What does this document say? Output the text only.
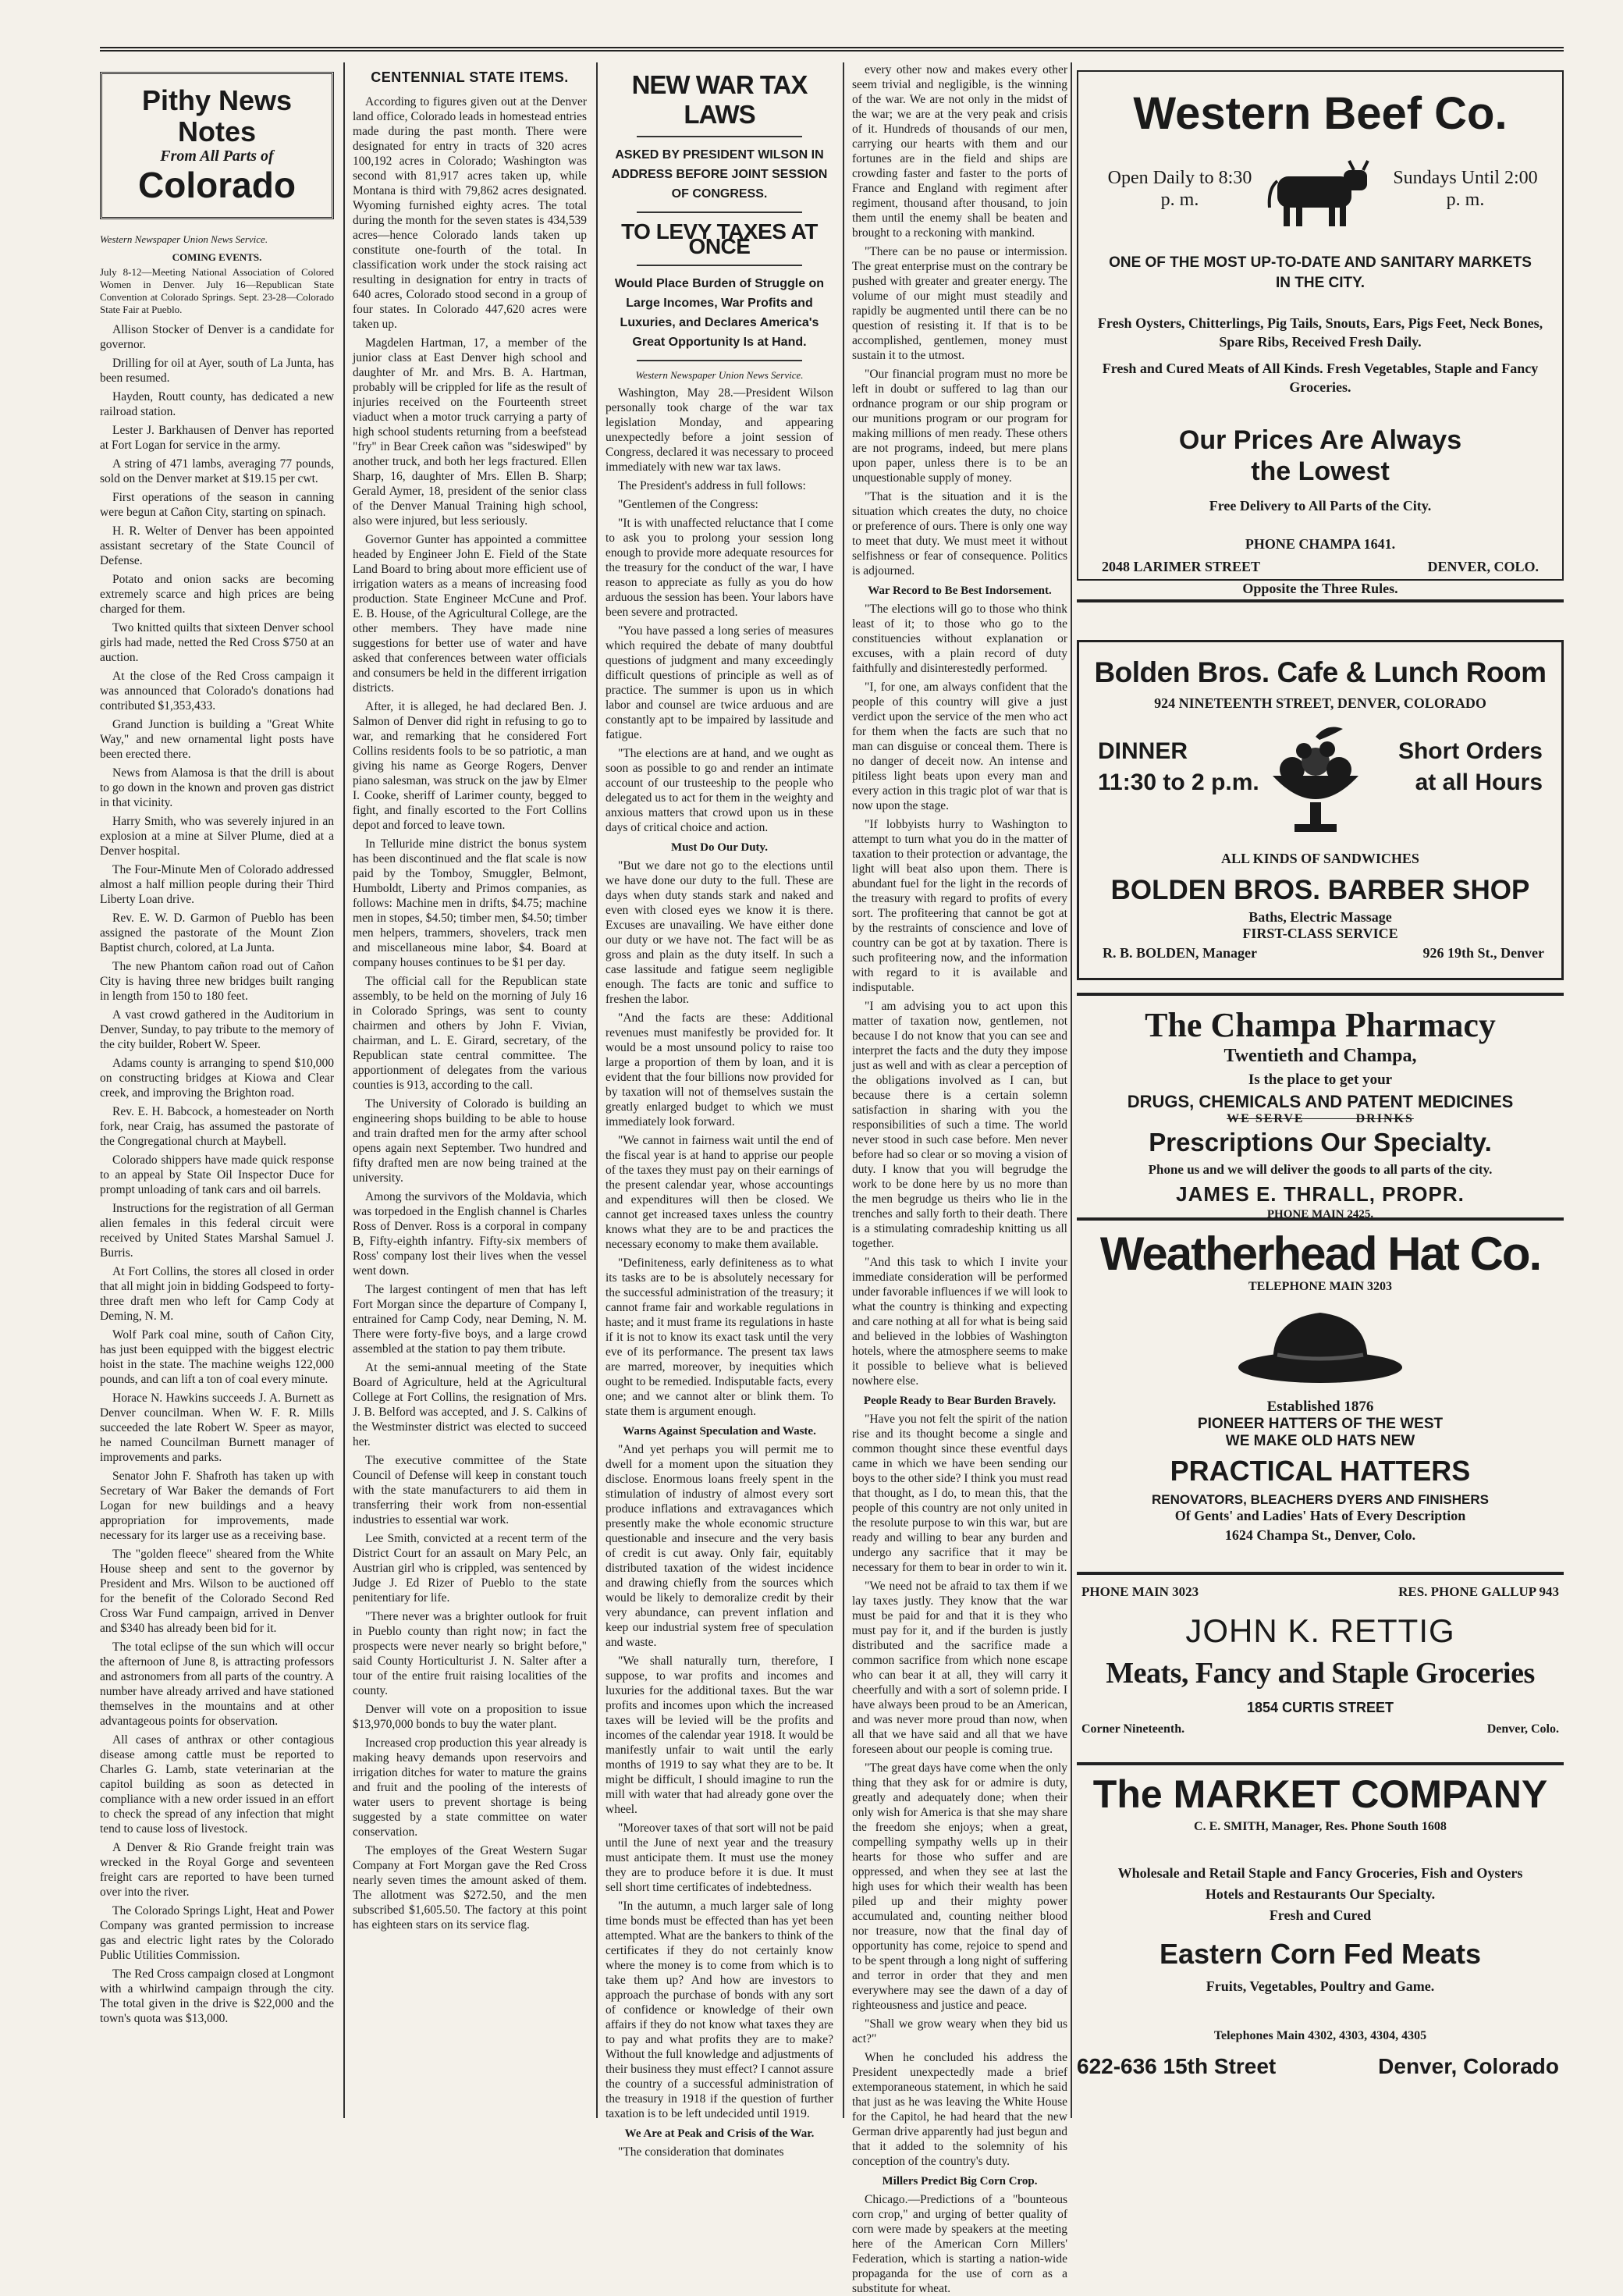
Pithy News Notes
From All Parts of
Colorado
Western Newspaper Union News Service.
COMING EVENTS.
July 8-12—Meeting National Association of Colored Women in Denver. July 16—Republican State Convention at Colorado Springs. Sept. 23-28—Colorado State Fair at Pueblo.

Allison Stocker of Denver is a candidate for governor.

Drilling for oil at Ayer, south of La Junta, has been resumed.

Hayden, Routt county, has dedicated a new railroad station.

Lester J. Barkhausen of Denver has reported at Fort Logan for service in the army.

A string of 471 lambs, averaging 77 pounds, sold on the Denver market at $19.15 per cwt.

First operations of the season in canning were begun at Cañon City, starting on spinach.

H. R. Welter of Denver has been appointed assistant secretary of the State Council of Defense.

Potato and onion sacks are becoming extremely scarce and high prices are being charged for them.

Two knitted quilts that sixteen Denver school girls had made, netted the Red Cross $750 at an auction.

At the close of the Red Cross campaign it was announced that Colorado's donations had contributed $1,353,433.

Grand Junction is building a "Great White Way," and new ornamental light posts have been erected there.

News from Alamosa is that the drill is about to go down in the known and proven gas district in that vicinity.

Harry Smith, who was severely injured in an explosion at a mine at Silver Plume, died at a Denver hospital.

The Four-Minute Men of Colorado addressed almost a half million people during their Third Liberty Loan drive.

Rev. E. W. D. Garmon of Pueblo has been assigned the pastorate of the Mount Zion Baptist church, colored, at La Junta.

The new Phantom cañon road out of Cañon City is having three new bridges built ranging in length from 150 to 180 feet.

A vast crowd gathered in the Auditorium in Denver, Sunday, to pay tribute to the memory of the city builder, Robert W. Speer.

Adams county is arranging to spend $10,000 on constructing bridges at Kiowa and Clear creek, and improving the Brighton road.

Rev. E. H. Babcock, a homesteader on North fork, near Craig, has assumed the pastorate of the Congregational church at Maybell.

Colorado shippers have made quick response to an appeal by State Oil Inspector Duce for prompt unloading of tank cars and oil barrels.

Instructions for the registration of all German alien females in this federal circuit were received by United States Marshal Samuel J. Burris.

At Fort Collins, the stores all closed in order that all might join in bidding Godspeed to forty-three draft men who left for Camp Cody at Deming, N. M.

Wolf Park coal mine, south of Cañon City, has just been equipped with the biggest electric hoist in the state. The machine weighs 122,000 pounds, and can lift a ton of coal every minute.

Horace N. Hawkins succeeds J. A. Burnett as Denver councilman. When W. F. R. Mills succeeded the late Robert W. Speer as mayor, he named Councilman Burnett manager of improvements and parks.

Senator John F. Shafroth has taken up with Secretary of War Baker the demands of Fort Logan for new buildings and a heavy appropriation for improvements, made necessary for its larger use as a receiving base.

The "golden fleece" sheared from the White House sheep and sent to the governor by President and Mrs. Wilson to be auctioned off for the benefit of the Colorado Second Red Cross War Fund campaign, arrived in Denver and $340 has already been bid for it.

The total eclipse of the sun which will occur the afternoon of June 8, is attracting professors and astronomers from all parts of the country. A number have already arrived and have stationed themselves in the mountains and at other advantageous points for observation.

All cases of anthrax or other contagious disease among cattle must be reported to Charles G. Lamb, state veterinarian at the capitol building as soon as detected in compliance with a new order issued in an effort to check the spread of any infection that might tend to cause loss of livestock.

A Denver & Rio Grande freight train was wrecked in the Royal Gorge and seventeen freight cars are reported to have been turned over into the river.

The Colorado Springs Light, Heat and Power Company was granted permission to increase gas and electric light rates by the Colorado Public Utilities Commission.

The Red Cross campaign closed at Longmont with a whirlwind campaign through the city. The total given in the drive is $22,000 and the town's quota was $13,000.

CENTENNIAL STATE ITEMS.

According to figures given out at the Denver land office, Colorado leads in homestead entries made during the past month. There were designated for entry in tracts of 320 acres 100,192 acres in Colorado; Washington was second with 81,917 acres taken up, while Montana is third with 79,862 acres designated. Wyoming furnished eighty acres. The total during the month for the seven states is 434,539 acres—hence Colorado lands taken up constitute one-fourth of the total. In classification work under the stock raising act resulting in designation for entry in tracts of 640 acres, Colorado stood second in a group of four states. In Colorado 447,620 acres were taken up.

Magdelen Hartman, 17, a member of the junior class at East Denver high school and daughter of Mr. and Mrs. B. A. Hartman, probably will be crippled for life as the result of injuries received on the Fourteenth street viaduct when a motor truck carrying a party of high school students returning from a beefstead "fry" in Bear Creek cañon was "sideswiped" by another truck, and both her legs fractured. Ellen Sharp, 16, daughter of Mrs. Ellen B. Sharp; Gerald Aymer, 18, president of the senior class of the Denver Manual Training high school, also were injured, but less seriously.

Governor Gunter has appointed a committee headed by Engineer John E. Field of the State Land Board to bring about more efficient use of irrigation waters as a means of increasing food production. State Engineer McCune and Prof. E. B. House, of the Agricultural College, are the other members. They have made nine suggestions for better use of water and have asked that conferences between water officials and consumers be held in the different irrigation districts.

After, it is alleged, he had declared Ben. J. Salmon of Denver did right in refusing to go to war, and remarking that he considered Fort Collins residents fools to be so patriotic, a man giving his name as George Rogers, Denver piano salesman, was struck on the jaw by Elmer I. Cooke, sheriff of Larimer county, begged to fight, and finally escorted to the Fort Collins depot and forced to leave town.

In Telluride mine district the bonus system has been discontinued and the flat scale is now paid by the Tomboy, Smuggler, Belmont, Humboldt, Liberty and Primos companies, as follows: Machine men in drifts, $4.75; machine men in stopes, $4.50; timber men, $4.50; timber men helpers, trammers, shovelers, track men and miscellaneous mine labor, $4. Board at company houses continues to be $1 per day.

The official call for the Republican state assembly, to be held on the morning of July 16 in Colorado Springs, was sent to county chairmen and others by John F. Vivian, chairman, and L. E. Girard, secretary, of the Republican state central committee. The apportionment of delegates from the various counties is 913, according to the call.

The University of Colorado is building an engineering shops building to be able to house and train drafted men for the army after school opens again next September. Two hundred and fifty drafted men are now being trained at the university.

Among the survivors of the Moldavia, which was torpedoed in the English channel is Charles Ross of Denver. Ross is a corporal in company B, Fifty-eighth infantry. Fifty-six members of Ross' company lost their lives when the vessel went down.

The largest contingent of men that has left Fort Morgan since the departure of Company I, entrained for Camp Cody, near Deming, N. M. There were forty-five boys, and a large crowd assembled at the station to pay them tribute.

At the semi-annual meeting of the State Board of Agriculture, held at the Agricultural College at Fort Collins, the resignation of Mrs. J. B. Belford was accepted, and J. S. Calkins of the Westminster district was elected to succeed her.

The executive committee of the State Council of Defense will keep in constant touch with the state manufacturers to aid them in transferring their work from non-essential industries to essential war work.

Lee Smith, convicted at a recent term of the District Court for an assault on Mary Pelc, an Austrian girl who is crippled, was sentenced by Judge J. Ed Rizer of Pueblo to the state penitentiary for life.

"There never was a brighter outlook for fruit in Pueblo county than right now; in fact the prospects were never nearly so bright before," said County Horticulturist J. N. Salter after a tour of the entire fruit raising localities of the county.

Denver will vote on a proposition to issue $13,970,000 bonds to buy the water plant.

Increased crop production this year already is making heavy demands upon reservoirs and irrigation ditches for water to mature the grains and fruit and the pooling of the interests of water users to prevent shortage is being suggested by a state committee on water conservation.

The employes of the Great Western Sugar Company at Fort Morgan gave the Red Cross nearly seven times the amount asked of them. The allotment was $272.50, and the men subscribed $1,605.50. The factory at this point has eighteen stars on its service flag.

NEW WAR TAX LAWS
ASKED BY PRESIDENT WILSON IN ADDRESS BEFORE JOINT SESSION OF CONGRESS.
TO LEVY TAXES AT ONCE
Would Place Burden of Struggle on Large Incomes, War Profits and Luxuries, and Declares America's Great Opportunity Is at Hand.
Western Newspaper Union News Service.

Washington, May 28.—President Wilson personally took charge of the war tax legislation Monday, and appearing unexpectedly before a joint session of Congress, declared it was necessary to proceed immediately with new war tax laws.

The President's address in full follows:

"Gentlemen of the Congress:

"It is with unaffected reluctance that I come to ask you to prolong your session long enough to provide more adequate resources for the treasury for the conduct of the war, I have reason to appreciate as fully as you do how arduous the session has been. Your labors have been severe and protracted.

"You have passed a long series of measures which required the debate of many doubtful questions of judgment and many exceedingly difficult questions of principle as well as of practice. The summer is upon us in which labor and counsel are twice arduous and are constantly apt to be impaired by lassitude and fatigue.

"The elections are at hand, and we ought as soon as possible to go and render an intimate account of our trusteeship to the people who delegated us to act for them in the weighty and anxious matters that crowd upon us in these days of critical choice and action.

Must Do Our Duty.

"But we dare not go to the elections until we have done our duty to the full. These are days when duty stands stark and naked and even with closed eyes we know it is there. Excuses are unavailing. We have either done our duty or we have not. The fact will be as gross and plain as the duty itself. In such a case lassitude and fatigue seem negligible enough. The facts are tonic and suffice to freshen the labor.

"And the facts are these: Additional revenues must manifestly be provided for. It would be a most unsound policy to raise too large a proportion of them by loan, and it is evident that the four billions now provided for by taxation will not of themselves sustain the greatly enlarged budget to which we must immediately look forward.

"We cannot in fairness wait until the end of the fiscal year is at hand to apprise our people of the taxes they must pay on their earnings of the present calendar year, whose accountings and expenditures will then be closed. We cannot get increased taxes unless the country knows what they are to be and practices the necessary economy to make them available.

"Definiteness, early definiteness as to what its tasks are to be is absolutely necessary for the successful administration of the treasury; it cannot frame fair and workable regulations in haste; and it must frame its regulations in haste if it is not to know its exact task until the very eve of its performance. The present tax laws are marred, moreover, by inequities which ought to be remedied. Indisputable facts, every one; and we cannot alter or blink them. To state them is argument enough.

Warns Against Speculation and Waste.

"And yet perhaps you will permit me to dwell for a moment upon the situation they disclose. Enormous loans freely spent in the stimulation of industry of almost every sort produce inflations and extravagances which presently make the whole economic structure questionable and insecure and the very basis of credit is cut away. Only fair, equitably distributed taxation of the widest incidence and drawing chiefly from the sources which would be likely to demoralize credit by their very abundance, can prevent inflation and keep our industrial system free of speculation and waste.

"We shall naturally turn, therefore, I suppose, to war profits and incomes and luxuries for the additional taxes. But the war profits and incomes upon which the increased taxes will be levied will be the profits and incomes of the calendar year 1918. It would be manifestly unfair to wait until the early months of 1919 to say what they are to be. It might be difficult, I should imagine to run the mill with water that had already gone over the wheel.

"Moreover taxes of that sort will not be paid until the June of next year and the treasury must anticipate them. It must use the money they are to produce before it is due. It must sell short time certificates of indebtedness.

"In the autumn, a much larger sale of long time bonds must be effected than has yet been attempted. What are the bankers to think of the certificates if they do not certainly know where the money is to come from which is to take them up? And how are investors to approach the purchase of bonds with any sort of confidence or knowledge of their own affairs if they do not know what taxes they are to pay and what profits they are to make? Without the full knowledge and adjustments of their business they must effect? I cannot assure the country of a successful administration of the treasury in 1918 if the question of further taxation is to be left undecided until 1919.

We Are at Peak and Crisis of the War.

"The consideration that dominates

every other now and makes every other seem trivial and negligible, is the winning of the war. We are not only in the midst of the war; we are at the very peak and crisis of it. Hundreds of thousands of our men, carrying our hearts with them and our fortunes are in the field and ships are crowding faster and faster to the ports of France and England with regiment after regiment, thousand after thousand, to join them until the enemy shall be beaten and brought to a reckoning with mankind.

"There can be no pause or intermission. The great enterprise must on the contrary be pushed with greater and greater energy. The volume of our might must steadily and rapidly be augmented until there can be no question of resisting it. If that is to be accomplished, gentlemen, money must sustain it to the utmost.

"Our financial program must no more be left in doubt or suffered to lag than our ordnance program or our ship program or our munitions program or our program for making millions of men ready. These others are not programs, indeed, but mere plans upon paper, unless there is to be an unquestionable supply of money.

"That is the situation and it is the situation which creates the duty, no choice or preference of ours. There is only one way to meet that duty. We must meet it without selfishness or fear of consequence. Politics is adjourned.

War Record to Be Best Indorsement.

"The elections will go to those who think least of it; to those who go to the constituencies without explanation or excuses, with a plain record of duty faithfully and disinterestedly performed.

"I, for one, am always confident that the people of this country will give a just verdict upon the service of the men who act for them when the facts are such that no man can disguise or conceal them. There is no danger of deceit now. An intense and pitiless light beats upon every man and every action in this tragic plot of war that is now upon the stage.

"If lobbyists hurry to Washington to attempt to turn what you do in the matter of taxation to their protection or advantage, the light will beat also upon them. There is abundant fuel for the light in the records of the treasury with regard to profits of every sort. The profiteering that cannot be got at by the restraints of conscience and love of country can be got at by taxation. There is such profiteering now, and the information with regard to it is available and indisputable.

"I am advising you to act upon this matter of taxation now, gentlemen, not because I do not know that you can see and interpret the facts and the duty they impose just as well and with as clear a perception of the obligations involved as I can, but because there is a certain solemn satisfaction in sharing with you the responsibilities of such a time. The world never stood in such case before. Men never before had so clear or so moving a vision of duty. I know that you will begrudge the work to be done here by us no more than the men begrudge us theirs who lie in the trenches and sally forth to their death. There is a stimulating comradeship knitting us all together.

"And this task to which I invite your immediate consideration will be performed under favorable influences if we will look to what the country is thinking and expecting and care nothing at all for what is being said and believed in the lobbies of Washington hotels, where the atmosphere seems to make it possible to believe what is believed nowhere else.

People Ready to Bear Burden Bravely.

"Have you not felt the spirit of the nation rise and its thought become a single and common thought since these eventful days came in which we have been sending our boys to the other side? I think you must read that thought, as I do, to mean this, that the people of this country are not only united in the resolute purpose to win this war, but are ready and willing to bear any burden and undergo any sacrifice that it may be necessary for them to bear in order to win it.

"We need not be afraid to tax them if we lay taxes justly. They know that the war must be paid for and that it is they who must pay for it, and if the burden is justly distributed and the sacrifice made a common sacrifice from which none escape who can bear it at all, they will carry it cheerfully and with a sort of solemn pride. I have always been proud to be an American, and was never more proud than now, when all that we have said and all that we have foreseen about our people is coming true.

"The great days have come when the only thing that they ask for or admire is duty, greatly and adequately done; when their only wish for America is that she may share the freedom she enjoys; when a great, compelling sympathy wells up in their hearts for those who suffer and are oppressed, and when they see at last the high uses for which their wealth has been piled up and their mighty power accumulated and, counting neither blood nor treasure, now that the final day of opportunity has come, rejoice to spend and to be spent through a long night of suffering and terror in order that they and men everywhere may see the dawn of a day of righteousness and justice and peace.

"Shall we grow weary when they bid us act?"

When he concluded his address the President unexpectedly made a brief extemporaneous statement, in which he said that just as he was leaving the White House for the Capitol, he had heard that the new German drive apparently had just begun and that it added to the solemnity of his conception of the country's duty.

Millers Predict Big Corn Crop.

Chicago.—Predictions of a "bounteous corn crop," and urging of better quality of corn were made by speakers at the meeting here of the American Corn Millers' Federation, which is starting a nation-wide propaganda for the use of corn as a substitute for wheat.

Western Beef Co.
Open Daily to 8:30 p. m.
Sundays Until 2:00 p. m.
ONE OF THE MOST UP-TO-DATE AND SANITARY MARKETS IN THE CITY.
Fresh Oysters, Chitterlings, Pig Tails, Snouts, Ears, Pigs Feet, Neck Bones, Spare Ribs, Received Fresh Daily.
Fresh and Cured Meats of All Kinds. Fresh Vegetables, Staple and Fancy Groceries.
Our Prices Are Always the Lowest
Free Delivery to All Parts of the City.
PHONE CHAMPA 1641.
2048 LARIMER STREET	DENVER, COLO.
Opposite the Three Rules.
Bolden Bros. Cafe & Lunch Room
924 NINETEENTH STREET, DENVER, COLORADO
DINNER
11:30 to 2 p.m.
Short Orders
at all Hours
ALL KINDS OF SANDWICHES
BOLDEN BROS. BARBER SHOP
Baths, Electric Massage
FIRST-CLASS SERVICE
R. B. BOLDEN, Manager	926 19th St., Denver
The Champa Pharmacy
Twentieth and Champa,
Is the place to get your
DRUGS, CHEMICALS AND PATENT MEDICINES
WE SERVE	DRINKS
Prescriptions Our Specialty.
Phone us and we will deliver the goods to all parts of the city.
JAMES E. THRALL, PROPR.
PHONE MAIN 2425.
Weatherhead Hat Co.
TELEPHONE MAIN 3203
Established 1876
PIONEER HATTERS OF THE WEST
WE MAKE OLD HATS NEW
PRACTICAL HATTERS
RENOVATORS, BLEACHERS DYERS AND FINISHERS
Of Gents' and Ladies' Hats of Every Description
1624 Champa St., Denver, Colo.
PHONE MAIN 3023	RES. PHONE GALLUP 943
JOHN K. RETTIG
Meats, Fancy and Staple Groceries
1854 CURTIS STREET
Corner Nineteenth.	Denver, Colo.
The MARKET COMPANY
C. E. SMITH, Manager, Res. Phone South 1608
Wholesale and Retail Staple and Fancy Groceries, Fish and Oysters
Hotels and Restaurants Our Specialty.
Fresh and Cured
Eastern Corn Fed Meats
Fruits, Vegetables, Poultry and Game.
Telephones Main 4302, 4303, 4304, 4305
622-636 15th Street	Denver, Colorado
